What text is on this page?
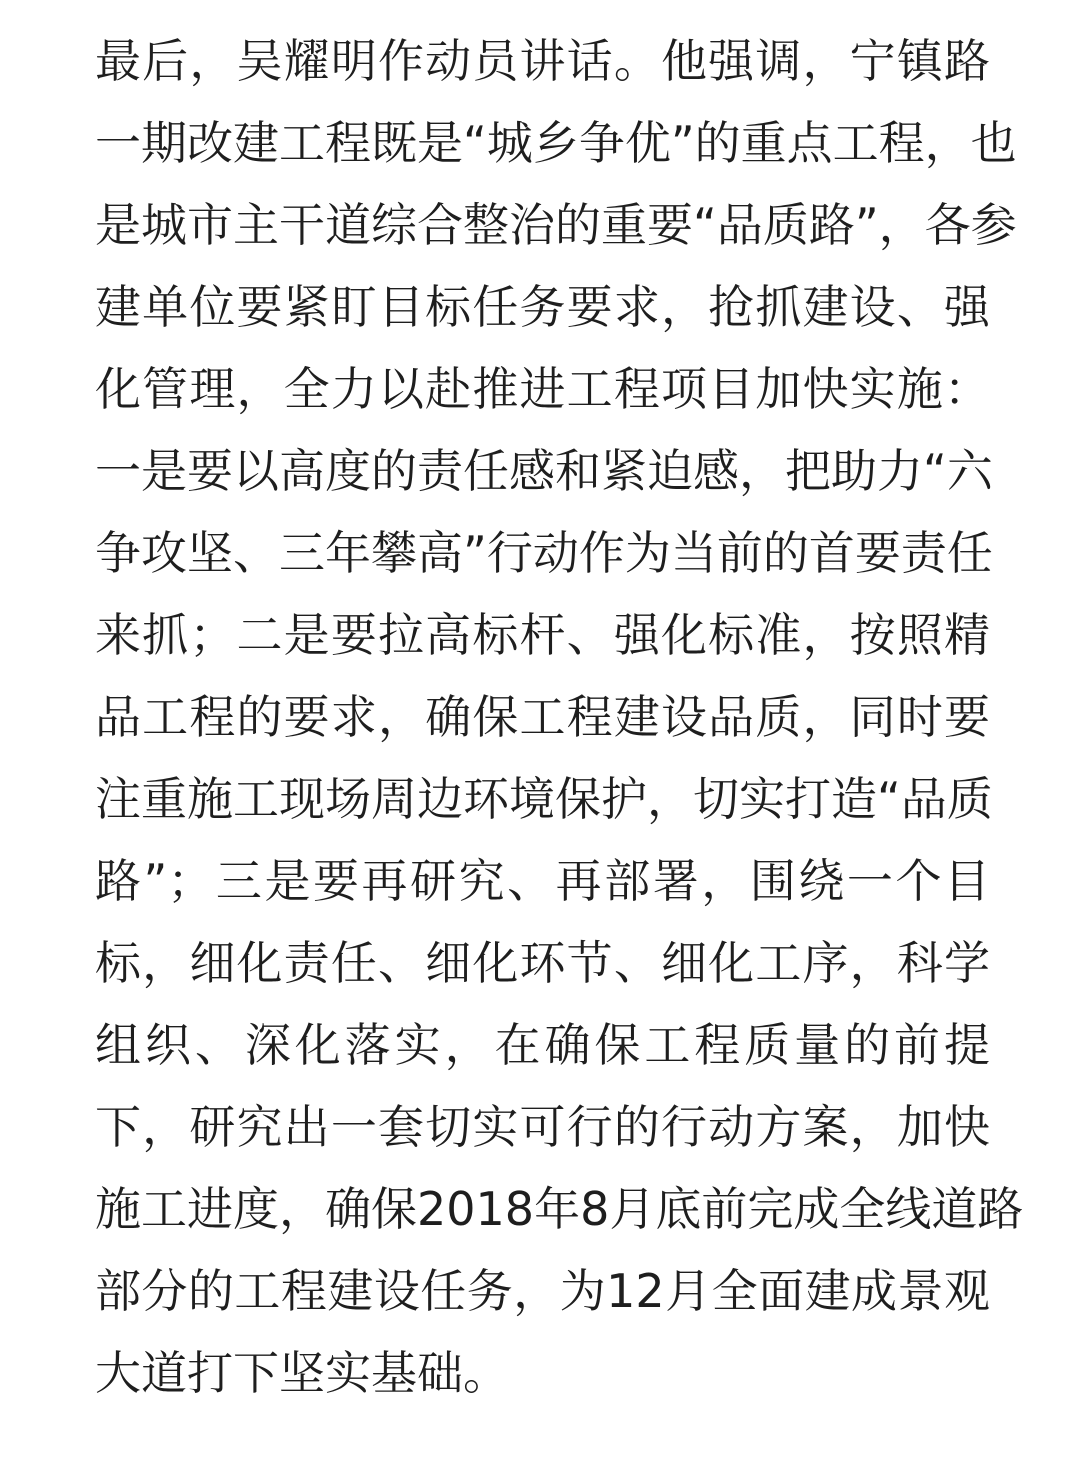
最后，吴耀明作动员讲话。他强调，宁镇路
一期改建工程既是“城乡争优”的重点工程，也
是城市主干道综合整治的重要“品质路”，各参
建单位要紧盯目标任务要求，抢抓建设、强
化管理，全力以赴推进工程项目加快实施：
一是要以高度的责任感和紧迫感，把助力“六
争攻坚、三年攀高”行动作为当前的首要责任
来抓；二是要拉高标杆、强化标准，按照精
品工程的要求，确保工程建设品质，同时要
注重施工现场周边环境保护，切实打造“品质
路”；三是要再研究、再部署，围绕一个目
标，细化责任、细化环节、细化工序，科学
组织、深化落实，在确保工程质量的前提
下，研究出一套切实可行的行动方案，加快
施工进度，确保2018年8月底前完成全线道路
部分的工程建设任务，为12月全面建成景观
大道打下坚实基础。
